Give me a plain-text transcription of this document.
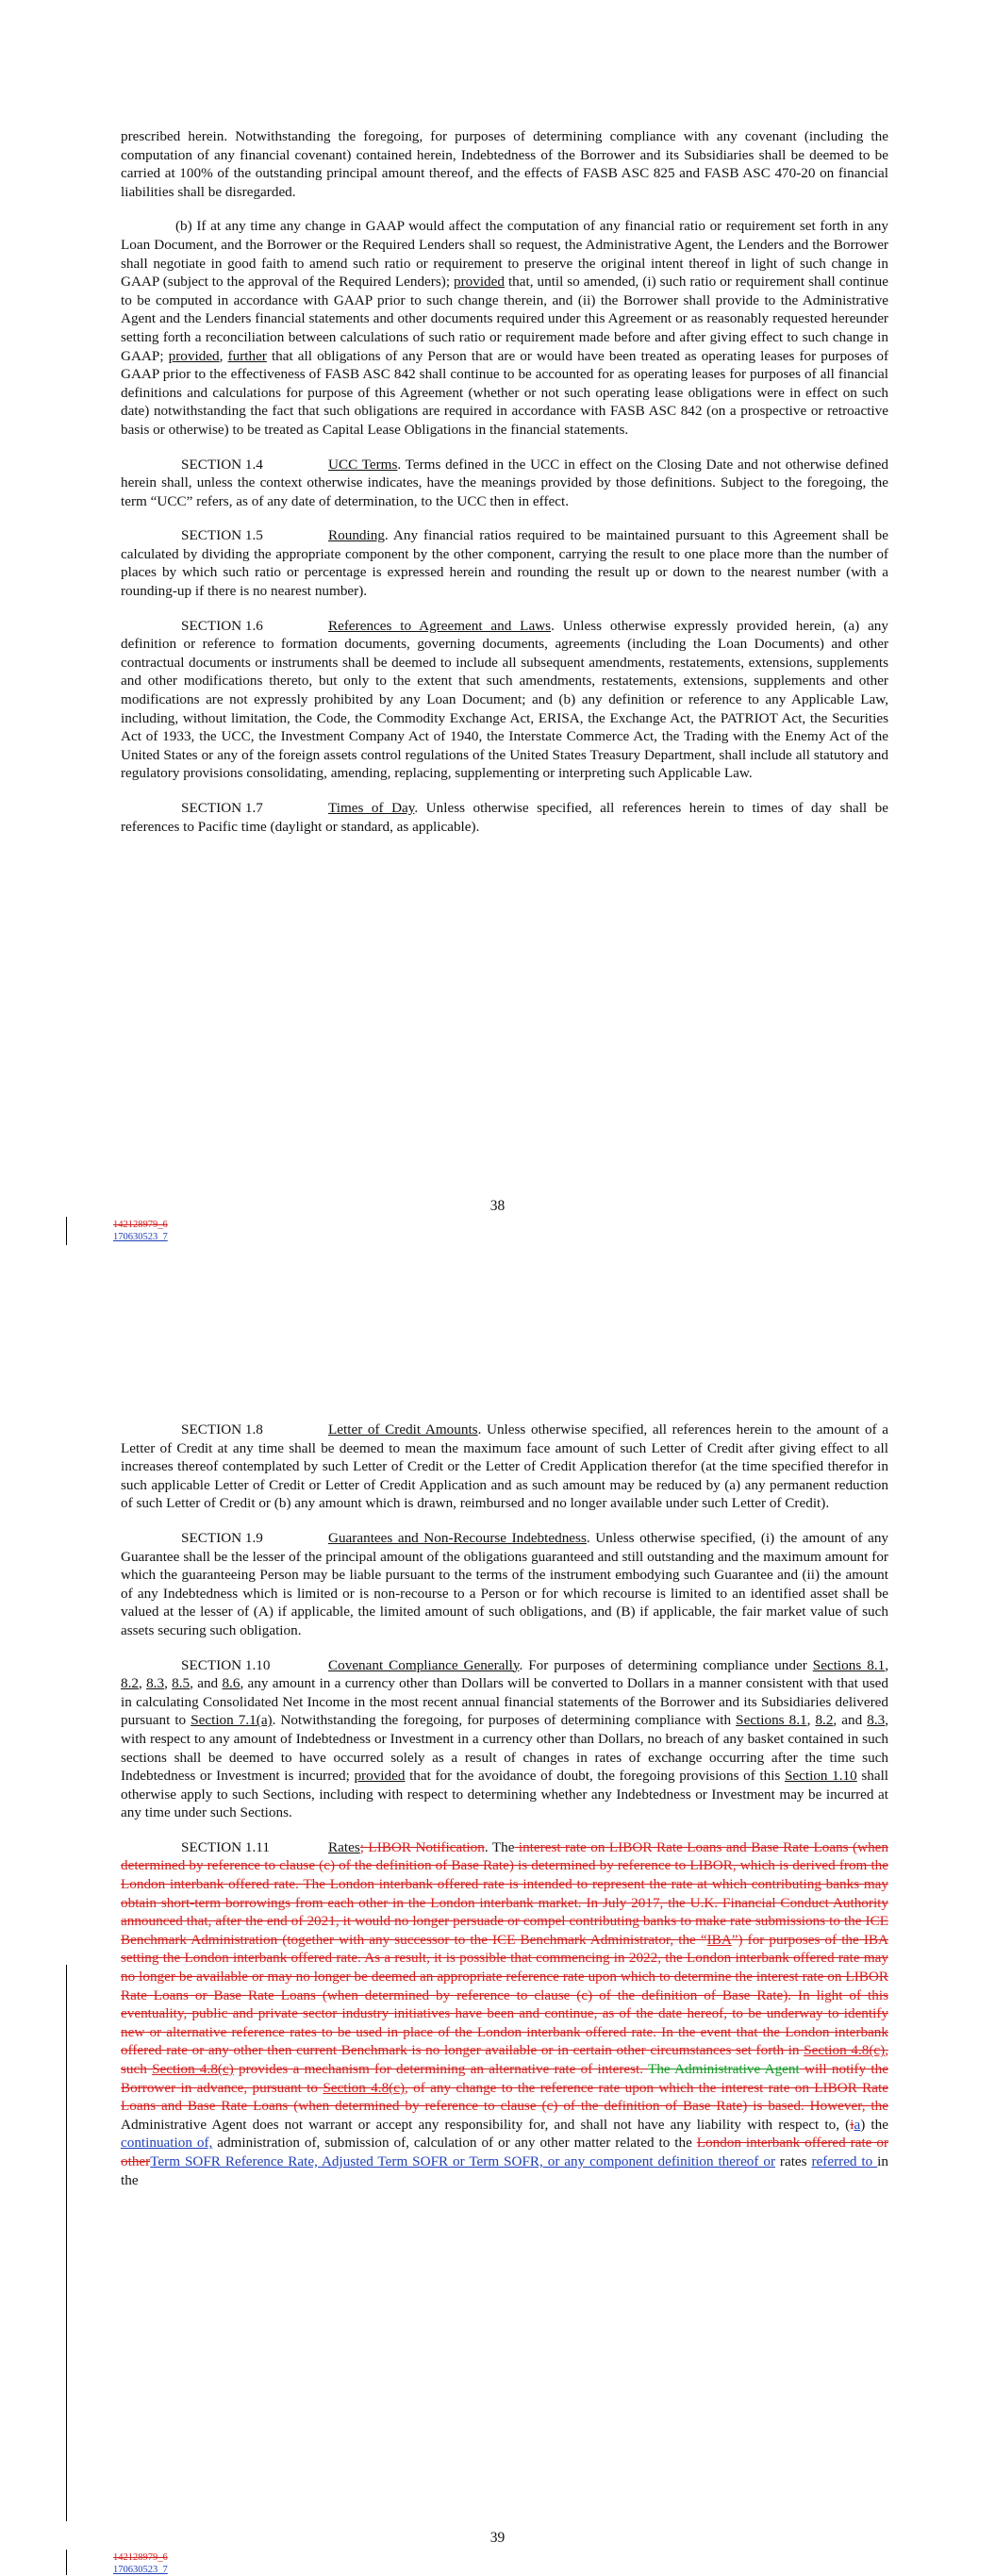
prescribed herein. Notwithstanding the foregoing, for purposes of determining compliance with any covenant (including the computation of any financial covenant) contained herein, Indebtedness of the Borrower and its Subsidiaries shall be deemed to be carried at 100% of the outstanding principal amount thereof, and the effects of FASB ASC 825 and FASB ASC 470-20 on financial liabilities shall be disregarded.

(b) If at any time any change in GAAP would affect the computation of any financial ratio or requirement set forth in any Loan Document, and the Borrower or the Required Lenders shall so request, the Administrative Agent, the Lenders and the Borrower shall negotiate in good faith to amend such ratio or requirement to preserve the original intent thereof in light of such change in GAAP (subject to the approval of the Required Lenders); provided that, until so amended, (i) such ratio or requirement shall continue to be computed in accordance with GAAP prior to such change therein, and (ii) the Borrower shall provide to the Administrative Agent and the Lenders financial statements and other documents required under this Agreement or as reasonably requested hereunder setting forth a reconciliation between calculations of such ratio or requirement made before and after giving effect to such change in GAAP; provided, further that all obligations of any Person that are or would have been treated as operating leases for purposes of GAAP prior to the effectiveness of FASB ASC 842 shall continue to be accounted for as operating leases for purposes of all financial definitions and calculations for purpose of this Agreement (whether or not such operating lease obligations were in effect on such date) notwithstanding the fact that such obligations are required in accordance with FASB ASC 842 (on a prospective or retroactive basis or otherwise) to be treated as Capital Lease Obligations in the financial statements.

SECTION 1.4	UCC Terms. Terms defined in the UCC in effect on the Closing Date and not otherwise defined herein shall, unless the context otherwise indicates, have the meanings provided by those definitions. Subject to the foregoing, the term “UCC” refers, as of any date of determination, to the UCC then in effect.

SECTION 1.5	Rounding. Any financial ratios required to be maintained pursuant to this Agreement shall be calculated by dividing the appropriate component by the other component, carrying the result to one place more than the number of places by which such ratio or percentage is expressed herein and rounding the result up or down to the nearest number (with a rounding-up if there is no nearest number).

SECTION 1.6	References to Agreement and Laws. Unless otherwise expressly provided herein, (a) any definition or reference to formation documents, governing documents, agreements (including the Loan Documents) and other contractual documents or instruments shall be deemed to include all subsequent amendments, restatements, extensions, supplements and other modifications thereto, but only to the extent that such amendments, restatements, extensions, supplements and other modifications are not expressly prohibited by any Loan Document; and (b) any definition or reference to any Applicable Law, including, without limitation, the Code, the Commodity Exchange Act, ERISA, the Exchange Act, the PATRIOT Act, the Securities Act of 1933, the UCC, the Investment Company Act of 1940, the Interstate Commerce Act, the Trading with the Enemy Act of the United States or any of the foreign assets control regulations of the United States Treasury Department, shall include all statutory and regulatory provisions consolidating, amending, replacing, supplementing or interpreting such Applicable Law.

SECTION 1.7	Times of Day. Unless otherwise specified, all references herein to times of day shall be references to Pacific time (daylight or standard, as applicable).

38
142128979_6
170630523_7

SECTION 1.8	Letter of Credit Amounts. Unless otherwise specified, all references herein to the amount of a Letter of Credit at any time shall be deemed to mean the maximum face amount of such Letter of Credit after giving effect to all increases thereof contemplated by such Letter of Credit or the Letter of Credit Application therefor (at the time specified therefor in such applicable Letter of Credit or Letter of Credit Application and as such amount may be reduced by (a) any permanent reduction of such Letter of Credit or (b) any amount which is drawn, reimbursed and no longer available under such Letter of Credit).

SECTION 1.9	Guarantees and Non-Recourse Indebtedness. Unless otherwise specified, (i) the amount of any Guarantee shall be the lesser of the principal amount of the obligations guaranteed and still outstanding and the maximum amount for which the guaranteeing Person may be liable pursuant to the terms of the instrument embodying such Guarantee and (ii) the amount of any Indebtedness which is limited or is non-recourse to a Person or for which recourse is limited to an identified asset shall be valued at the lesser of (A) if applicable, the limited amount of such obligations, and (B) if applicable, the fair market value of such assets securing such obligation.

SECTION 1.10	Covenant Compliance Generally. For purposes of determining compliance under Sections 8.1, 8.2, 8.3, 8.5, and 8.6, any amount in a currency other than Dollars will be converted to Dollars in a manner consistent with that used in calculating Consolidated Net Income in the most recent annual financial statements of the Borrower and its Subsidiaries delivered pursuant to Section 7.1(a). Notwithstanding the foregoing, for purposes of determining compliance with Sections 8.1, 8.2, and 8.3, with respect to any amount of Indebtedness or Investment in a currency other than Dollars, no breach of any basket contained in such sections shall be deemed to have occurred solely as a result of changes in rates of exchange occurring after the time such Indebtedness or Investment is incurred; provided that for the avoidance of doubt, the foregoing provisions of this Section 1.10 shall otherwise apply to such Sections, including with respect to determining whether any Indebtedness or Investment may be incurred at any time under such Sections.

SECTION 1.11	Rates; LIBOR Notification. The interest rate on LIBOR Rate Loans and Base Rate Loans (when determined by reference to clause (c) of the definition of Base Rate) is determined by reference to LIBOR, which is derived from the London interbank offered rate. The London interbank offered rate is intended to represent the rate at which contributing banks may obtain short-term borrowings from each other in the London interbank market. In July 2017, the U.K. Financial Conduct Authority announced that, after the end of 2021, it would no longer persuade or compel contributing banks to make rate submissions to the ICE Benchmark Administration (together with any successor to the ICE Benchmark Administrator, the “IBA”) for purposes of the IBA setting the London interbank offered rate. As a result, it is possible that commencing in 2022, the London interbank offered rate may no longer be available or may no longer be deemed an appropriate reference rate upon which to determine the interest rate on LIBOR Rate Loans or Base Rate Loans (when determined by reference to clause (c) of the definition of Base Rate). In light of this eventuality, public and private sector industry initiatives have been and continue, as of the date hereof, to be underway to identify new or alternative reference rates to be used in place of the London interbank offered rate. In the event that the London interbank offered rate or any other then current Benchmark is no longer available or in certain other circumstances set forth in Section 4.8(c), such Section 4.8(c) provides a mechanism for determining an alternative rate of interest. The Administrative Agent will notify the Borrower in advance, pursuant to Section 4.8(c), of any change to the reference rate upon which the interest rate on LIBOR Rate Loans and Base Rate Loans (when determined by reference to clause (c) of the definition of Base Rate) is based. However, the Administrative Agent does not warrant or accept any responsibility for, and shall not have any liability with respect to, (ia) the continuation of, administration of, submission of, calculation of or any other matter related to the London interbank offered rate or otherTerm SOFR Reference Rate, Adjusted Term SOFR or Term SOFR, or any component definition thereof or rates referred to in the

39
142128979_6
170630523_7
